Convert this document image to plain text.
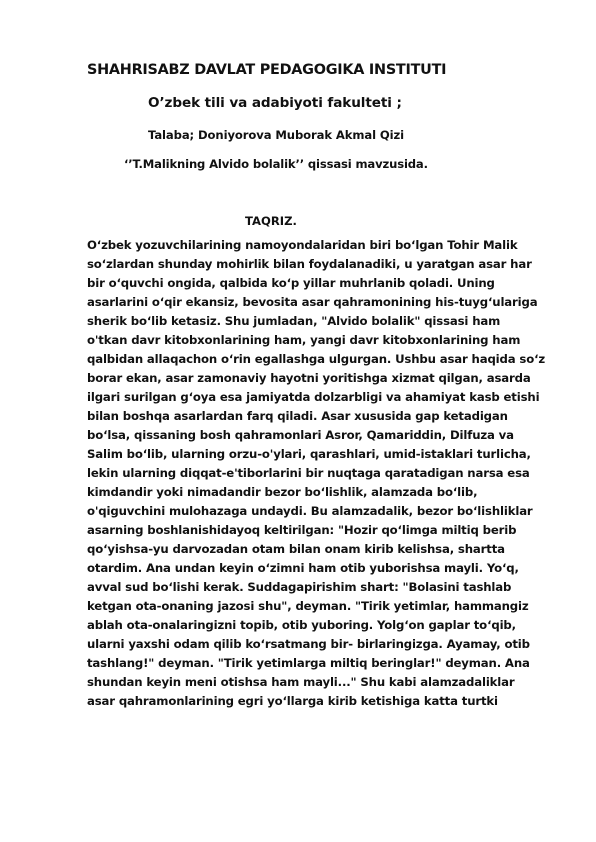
SHAHRISABZ DAVLAT PEDAGOGIKA INSTITUTI
O’zbek tili va adabiyoti fakulteti ;
Talaba; Doniyorova Muborak Akmal Qizi
‘’T.Malikning Alvido bolalik’’ qissasi mavzusida.
TAQRIZ.
O‘zbek yozuvchilarining namoyondalaridan biri bo‘lgan Tohir Malik
so‘zlardan shunday mohirlik bilan foydalanadiki, u yaratgan asar har
bir o‘quvchi ongida, qalbida ko‘p yillar muhrlanib qoladi. Uning
asarlarini o‘qir ekansiz, bevosita asar qahramonining his-tuyg‘ulariga
sherik bo‘lib ketasiz. Shu jumladan, "Alvido bolalik" qissasi ham
o'tkan davr kitobxonlarining ham, yangi davr kitobxonlarining ham
qalbidan allaqachon o‘rin egallashga ulgurgan. Ushbu asar haqida so‘z
borar ekan, asar zamonaviy hayotni yoritishga xizmat qilgan, asarda
ilgari surilgan g‘oya esa jamiyatda dolzarbligi va ahamiyat kasb etishi
bilan boshqa asarlardan farq qiladi. Asar xususida gap ketadigan
bo‘lsa, qissaning bosh qahramonlari Asror, Qamariddin, Dilfuza va
Salim bo‘lib, ularning orzu-o'ylari, qarashlari, umid-istaklari turlicha,
lekin ularning diqqat-e'tiborlarini bir nuqtaga qaratadigan narsa esa
kimdandir yoki nimadandir bezor bo‘lishlik, alamzada bo‘lib,
o'qiguvchini mulohazaga undaydi. Bu alamzadalik, bezor bo‘lishliklar
asarning boshlanishidayoq keltirilgan: "Hozir qo‘limga miltiq berib
qo‘yishsa-yu darvozadan otam bilan onam kirib kelishsa, shartta
otardim. Ana undan keyin o‘zimni ham otib yuborishsa mayli. Yo‘q,
avval sud bo‘lishi kerak. Suddagapirishim shart: "Bolasini tashlab
ketgan ota-onaning jazosi shu", deyman. "Tirik yetimlar, hammangiz
ablah ota-onalaringizni topib, otib yuboring. Yolg‘on gaplar to‘qib,
ularni yaxshi odam qilib ko‘rsatmang bir- birlaringizga. Ayamay, otib
tashlang!" deyman. "Tirik yetimlarga miltiq beringlar!" deyman. Ana
shundan keyin meni otishsa ham mayli..." Shu kabi alamzadaliklar
asar qahramonlarining egri yo‘llarga kirib ketishiga katta turtki
